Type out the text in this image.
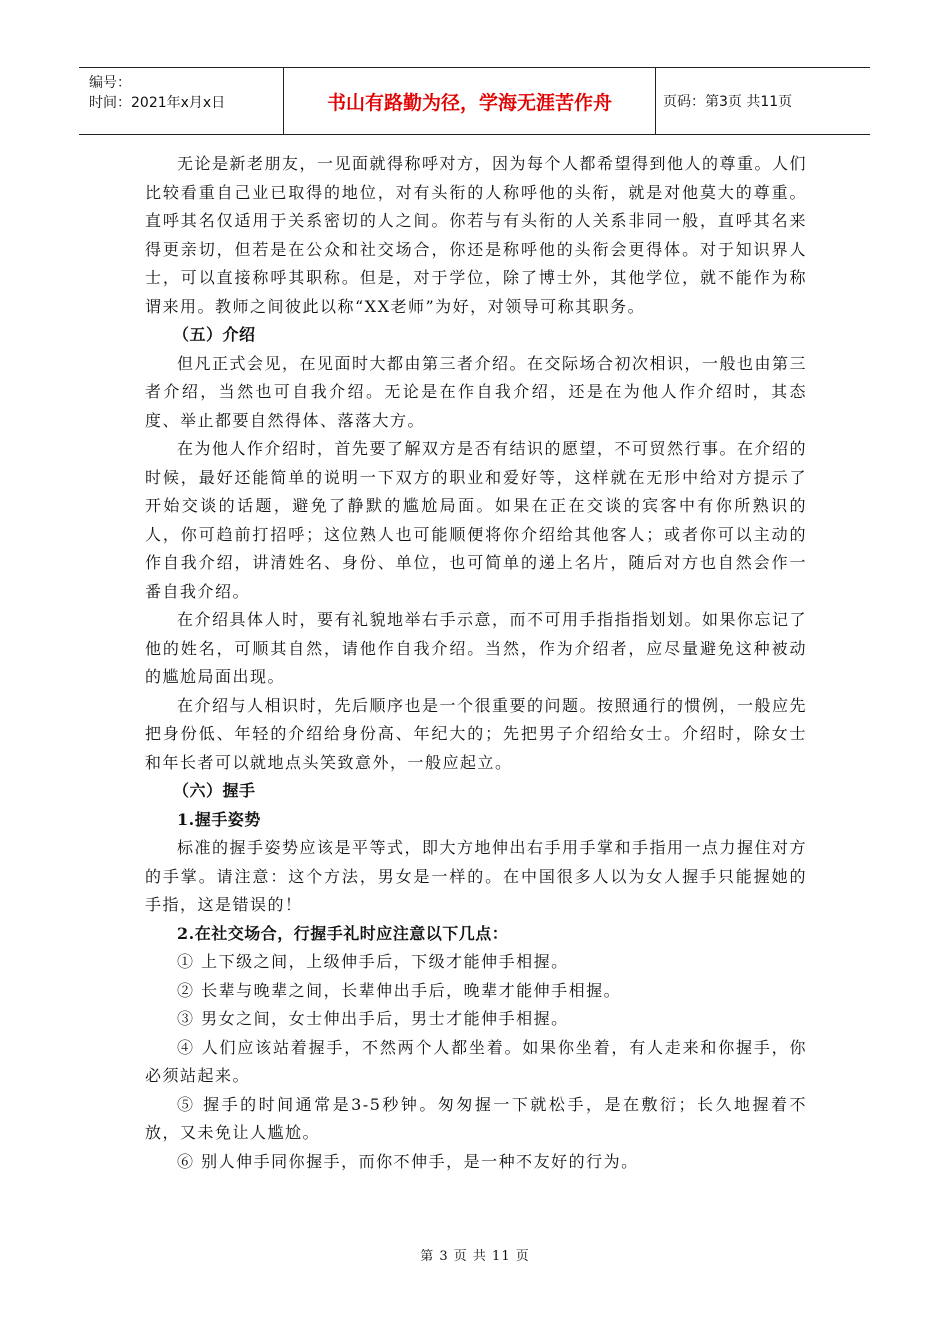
编号：
时间：2021年x月x日	书山有路勤为径，学海无涯苦作舟	页码：第3页 共11页

无论是新老朋友，一见面就得称呼对方，因为每个人都希望得到他人的尊重。人们比较看重自己业已取得的地位，对有头衔的人称呼他的头衔，就是对他莫大的尊重。直呼其名仅适用于关系密切的人之间。你若与有头衔的人关系非同一般，直呼其名来得更亲切，但若是在公众和社交场合，你还是称呼他的头衔会更得体。对于知识界人士，可以直接称呼其职称。但是，对于学位，除了博士外，其他学位，就不能作为称谓来用。教师之间彼此以称“XX老师”为好，对领导可称其职务。

（五）介绍

但凡正式会见，在见面时大都由第三者介绍。在交际场合初次相识，一般也由第三者介绍，当然也可自我介绍。无论是在作自我介绍，还是在为他人作介绍时，其态度、举止都要自然得体、落落大方。

在为他人作介绍时，首先要了解双方是否有结识的愿望，不可贸然行事。在介绍的时候，最好还能简单的说明一下双方的职业和爱好等，这样就在无形中给对方提示了开始交谈的话题，避免了静默的尴尬局面。如果在正在交谈的宾客中有你所熟识的人，你可趋前打招呼；这位熟人也可能顺便将你介绍给其他客人；或者你可以主动的作自我介绍，讲清姓名、身份、单位，也可简单的递上名片，随后对方也自然会作一番自我介绍。

在介绍具体人时，要有礼貌地举右手示意，而不可用手指指指划划。如果你忘记了他的姓名，可顺其自然，请他作自我介绍。当然，作为介绍者，应尽量避免这种被动的尴尬局面出现。

在介绍与人相识时，先后顺序也是一个很重要的问题。按照通行的惯例，一般应先把身份低、年轻的介绍给身份高、年纪大的；先把男子介绍给女士。介绍时，除女士和年长者可以就地点头笑致意外，一般应起立。

（六）握手
1.握手姿势

标准的握手姿势应该是平等式，即大方地伸出右手用手掌和手指用一点力握住对方的手掌。请注意：这个方法，男女是一样的。在中国很多人以为女人握手只能握她的手指，这是错误的！

2.在社交场合，行握手礼时应注意以下几点：

① 上下级之间，上级伸手后，下级才能伸手相握。

② 长辈与晚辈之间，长辈伸出手后，晚辈才能伸手相握。

③ 男女之间，女士伸出手后，男士才能伸手相握。

④ 人们应该站着握手，不然两个人都坐着。如果你坐着，有人走来和你握手，你必须站起来。

⑤ 握手的时间通常是3-5秒钟。匆匆握一下就松手，是在敷衍；长久地握着不放，又未免让人尴尬。

⑥ 别人伸手同你握手，而你不伸手，是一种不友好的行为。

第 3 页 共 11 页
